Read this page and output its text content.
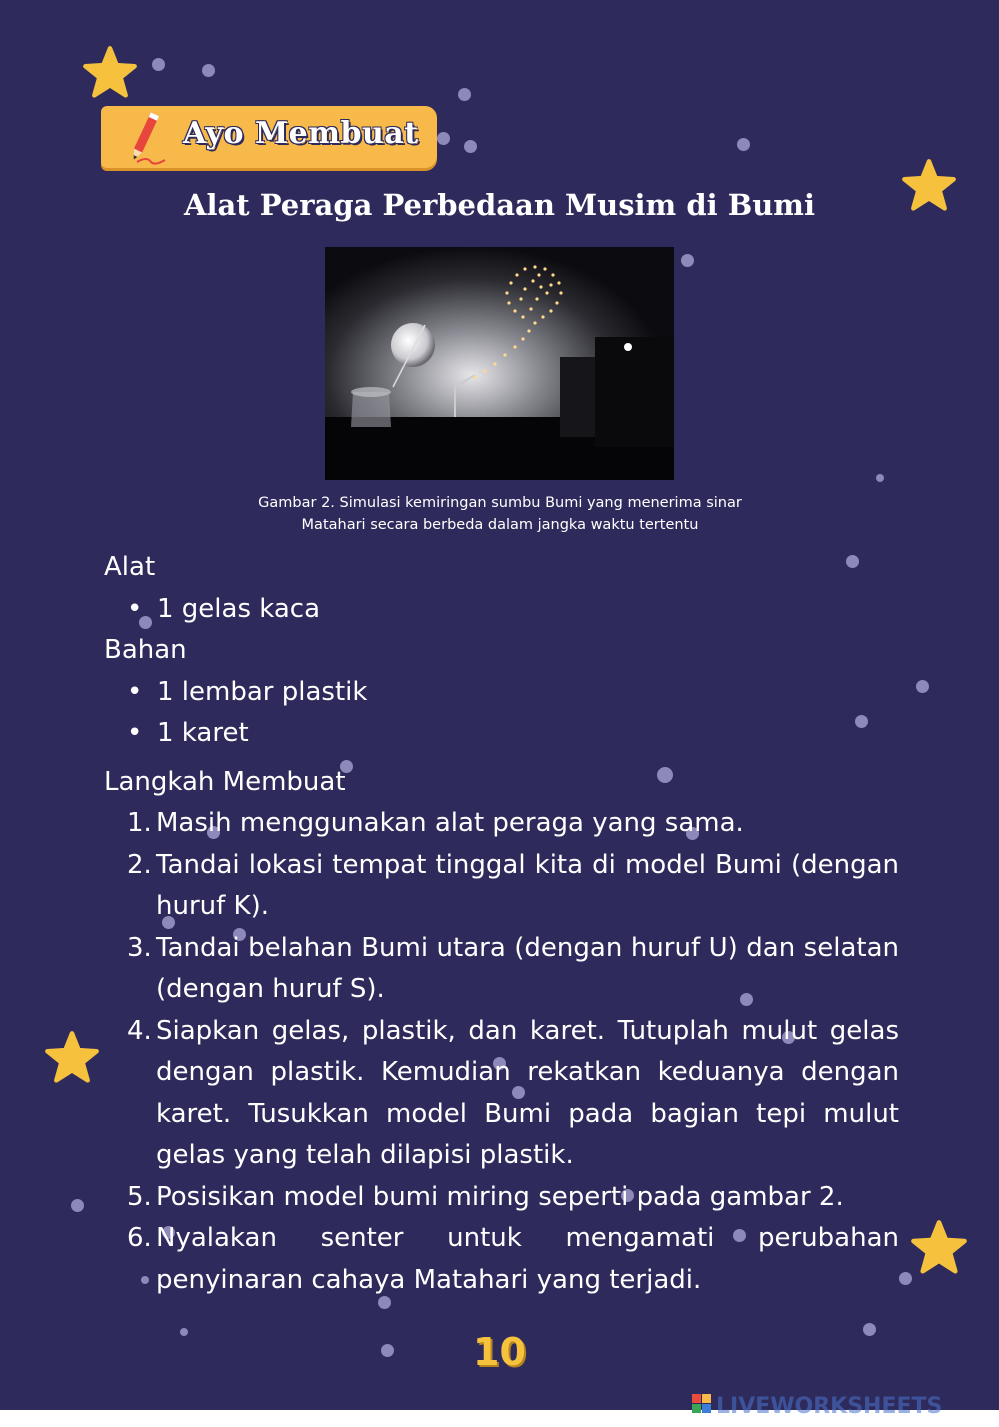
Ayo Membuat
Alat Peraga Perbedaan Musim di Bumi
Gambar 2. Simulasi kemiringan sumbu Bumi yang menerima sinar
Matahari secara berbeda dalam jangka waktu tertentu
Alat
• 1 gelas kaca
Bahan
• 1 lembar plastik
• 1 karet
Langkah Membuat
1. Masih menggunakan alat peraga yang sama.
2. Tandai lokasi tempat tinggal kita di model Bumi (dengan huruf K).
3. Tandai belahan Bumi utara (dengan huruf U) dan selatan (dengan huruf S).
4. Siapkan gelas, plastik, dan karet. Tutuplah mulut gelas dengan plastik. Kemudian rekatkan keduanya dengan karet. Tusukkan model Bumi pada bagian tepi mulut gelas yang telah dilapisi plastik.
5. Posisikan model bumi miring seperti pada gambar 2.
6. Nyalakan senter untuk mengamati perubahan penyinaran cahaya Matahari yang terjadi.
10
LIVEWORKSHEETS
